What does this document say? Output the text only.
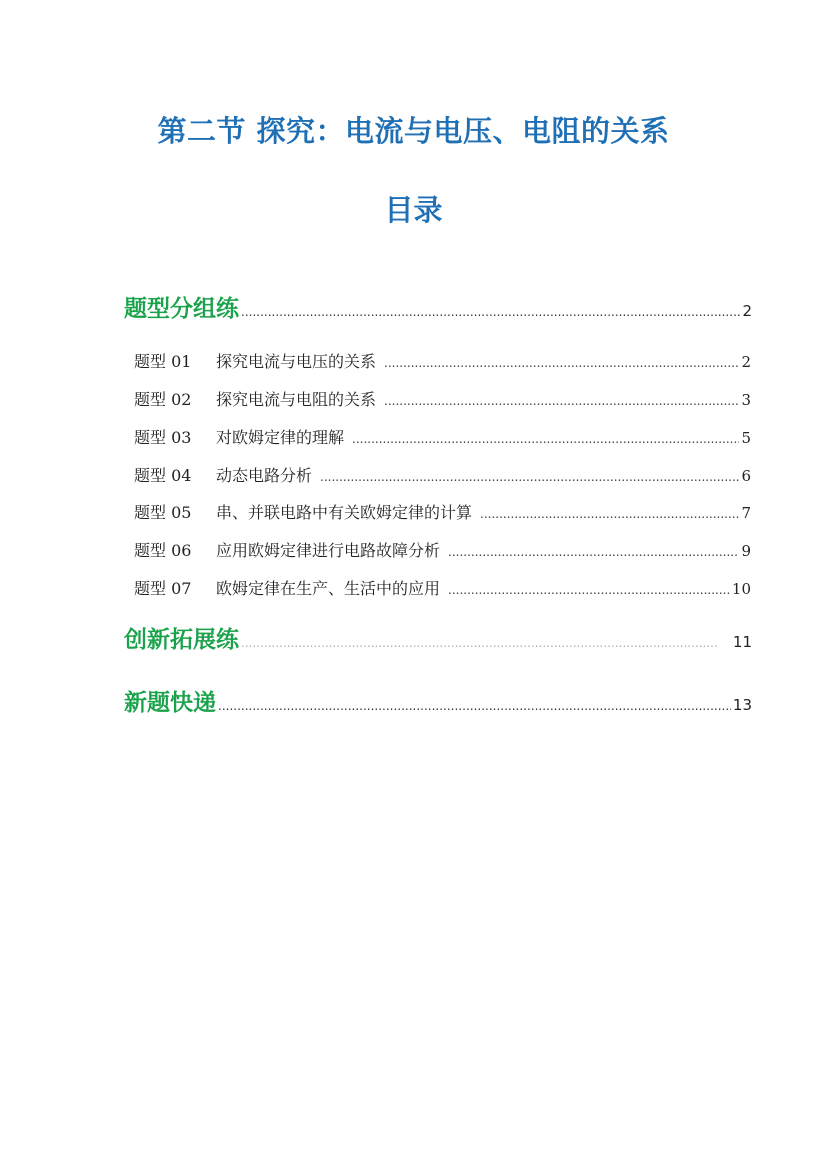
第二节 探究：电流与电压、电阻的关系
目录
题型分组练 .....	2
题型 01	探究电流与电压的关系 .....	2
题型 02	探究电流与电阻的关系 .....	3
题型 03	对欧姆定律的理解 .....	5
题型 04	动态电路分析 .....	6
题型 05	串、并联电路中有关欧姆定律的计算 .....	7
题型 06	应用欧姆定律进行电路故障分析 .....	9
题型 07	欧姆定律在生产、生活中的应用 .....	10
创新拓展练 .....	11
新题快递 .....	13
